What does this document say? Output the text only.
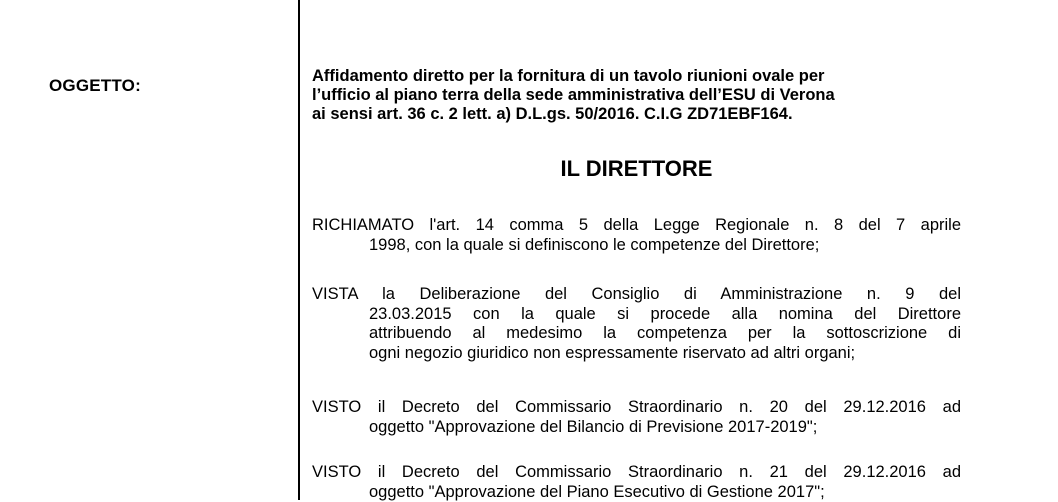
OGGETTO:	Affidamento diretto per la fornitura di un tavolo riunioni ovale per
l’ufficio al piano terra della sede amministrativa dell’ESU di Verona
ai sensi art. 36 c. 2 lett. a) D.L.gs. 50/2016. C.I.G ZD71EBF164.
IL DIRETTORE
RICHIAMATO l'art. 14 comma 5 della Legge Regionale n. 8 del 7 aprile
1998, con la quale si definiscono le competenze del Direttore;
VISTA la Deliberazione del Consiglio di Amministrazione n. 9 del
23.03.2015 con la quale si procede alla nomina del Direttore
attribuendo al medesimo la competenza per la sottoscrizione di
ogni negozio giuridico non espressamente riservato ad altri organi;
VISTO il Decreto del Commissario Straordinario n. 20 del 29.12.2016 ad
oggetto "Approvazione del Bilancio di Previsione 2017-2019";
VISTO il Decreto del Commissario Straordinario n. 21 del 29.12.2016 ad
oggetto "Approvazione del Piano Esecutivo di Gestione 2017";
